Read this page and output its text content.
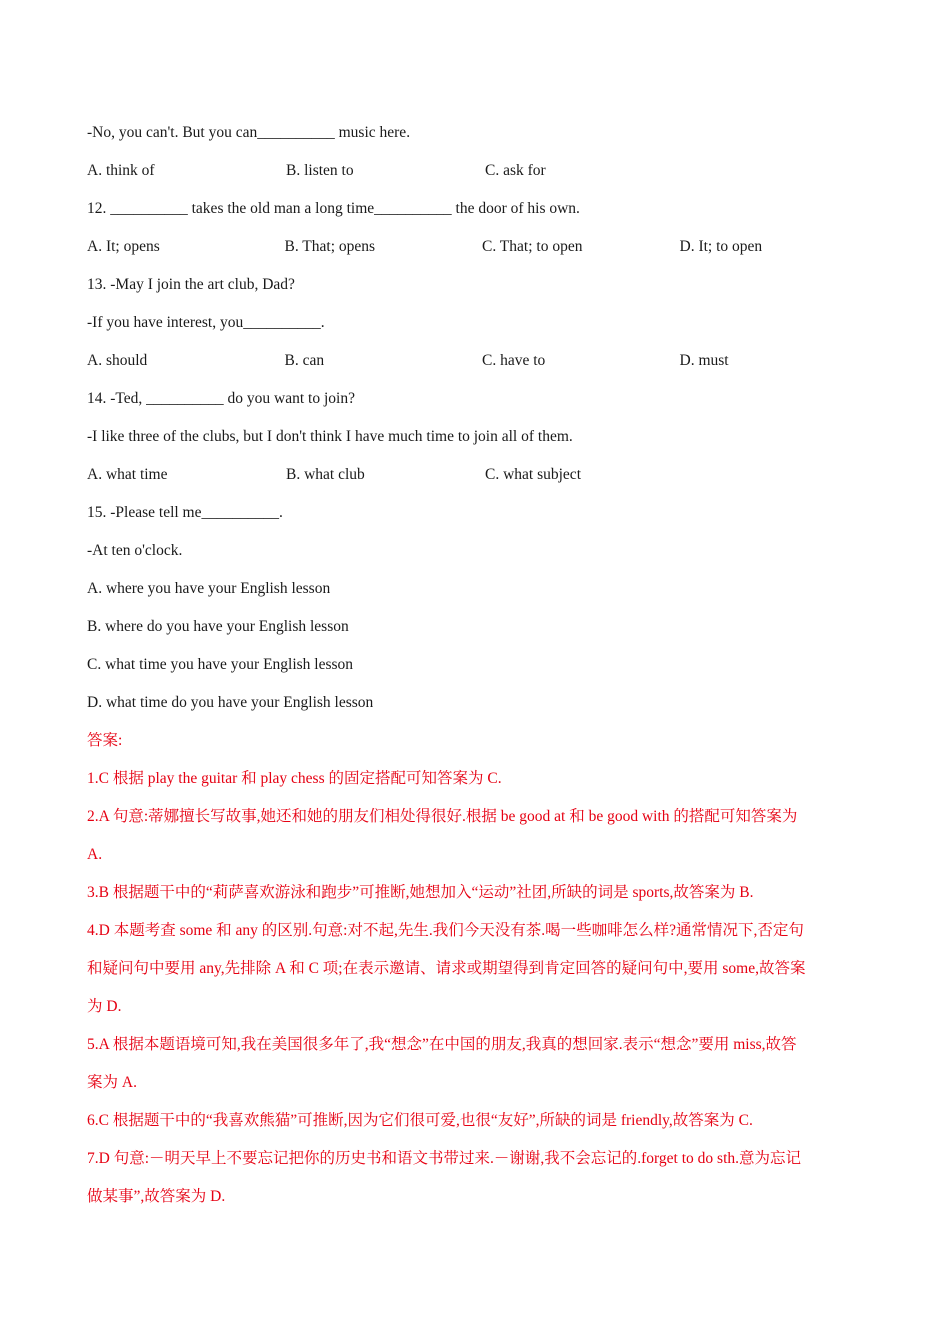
-No, you can't. But you can__________ music here.
A. think of	B. listen to	C. ask for
12. __________ takes the old man a long time__________ the door of his own.
A. It; opens	B. That; opens	C. That; to open	D. It; to open
13. -May I join the art club, Dad?
-If you have interest, you__________.
A. should	B. can	C. have to	D. must
14. -Ted, __________ do you want to join?
-I like three of the clubs, but I don't think I have much time to join all of them.
A. what time	B. what club	C. what subject
15. -Please tell me__________.
-At ten o'clock.
A. where you have your English lesson
B. where do you have your English lesson
C. what time you have your English lesson
D. what time do you have your English lesson
答案:
1.C 根据 play the guitar 和 play chess 的固定搭配可知答案为 C.
2.A 句意:蒂娜擅长写故事,她还和她的朋友们相处得很好.根据 be good at 和 be good with 的搭配可知答案为
A.
3.B 根据题干中的“莉萨喜欢游泳和跑步”可推断,她想加入“运动”社团,所缺的词是 sports,故答案为 B.
4.D 本题考查 some 和 any 的区别.句意:对不起,先生.我们今天没有茶.喝一些咖啡怎么样?通常情况下,否定句
和疑问句中要用 any,先排除 A 和 C 项;在表示邀请、请求或期望得到肯定回答的疑问句中,要用 some,故答案
为 D.
5.A 根据本题语境可知,我在美国很多年了,我“想念”在中国的朋友,我真的想回家.表示“想念”要用 miss,故答
案为 A.
6.C 根据题干中的“我喜欢熊猫”可推断,因为它们很可爱,也很“友好”,所缺的词是 friendly,故答案为 C.
7.D 句意:－明天早上不要忘记把你的历史书和语文书带过来.－谢谢,我不会忘记的.forget to do sth.意为忘记
做某事”,故答案为 D.
